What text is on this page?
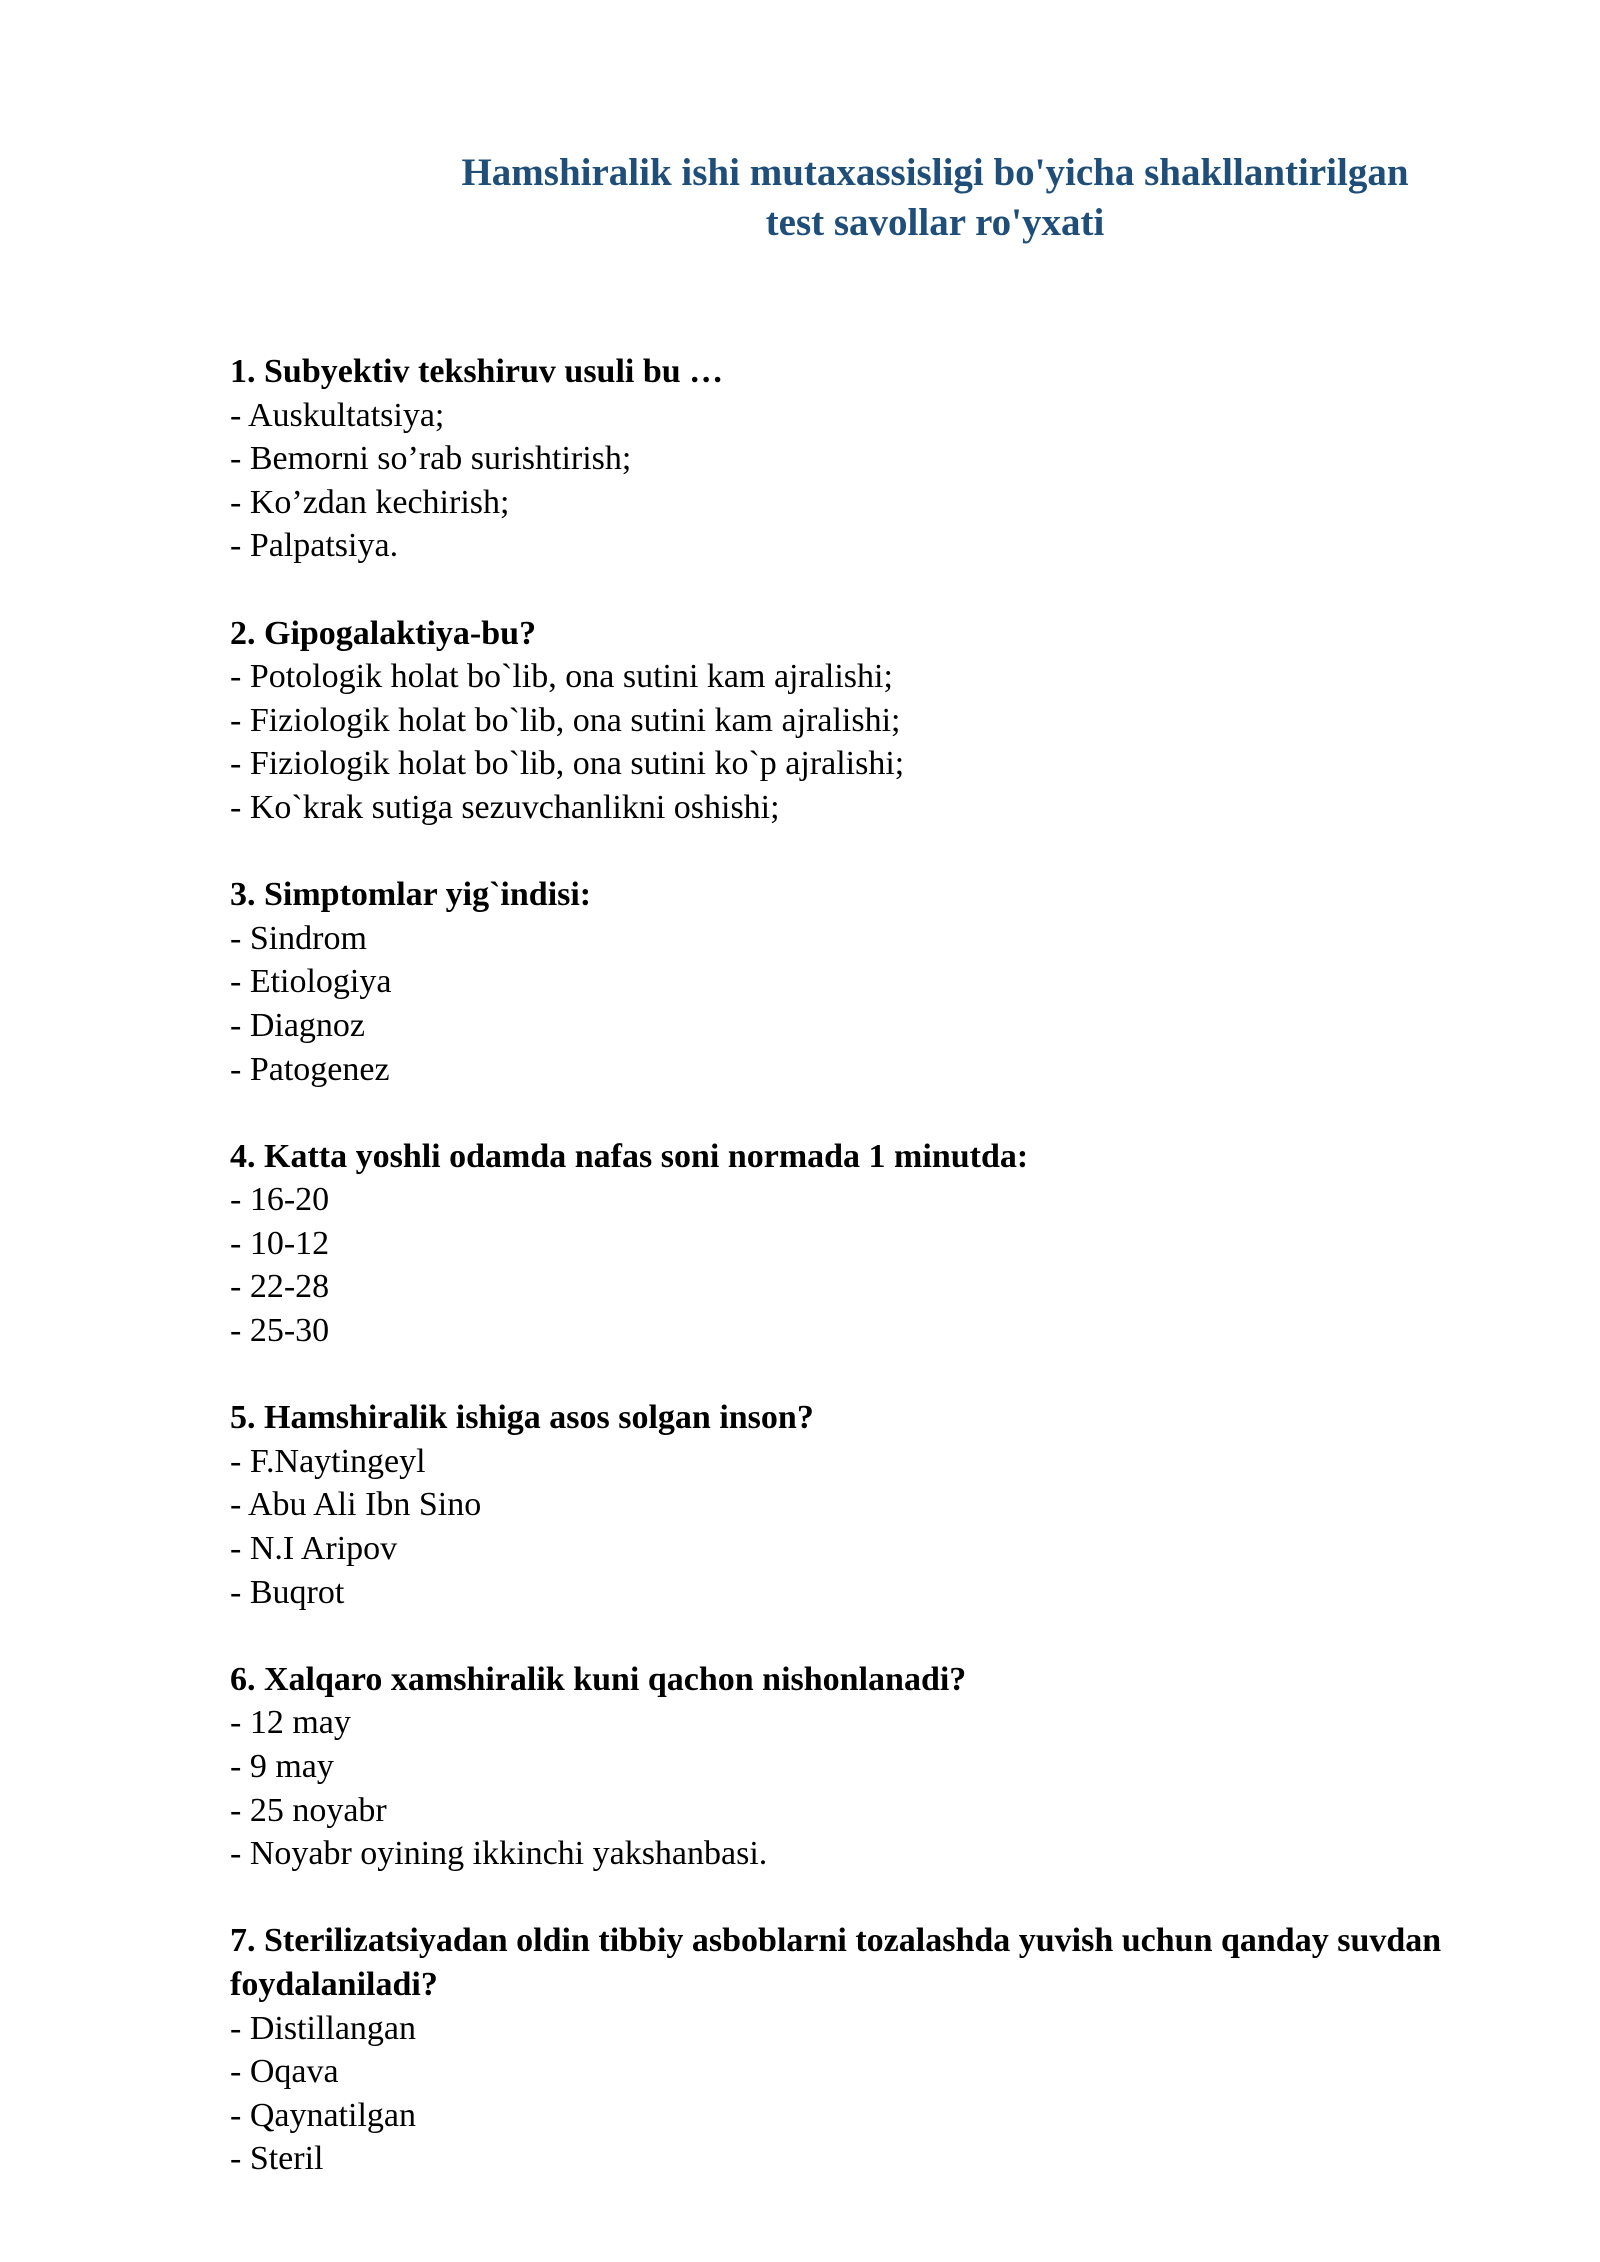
Hamshiralik ishi mutaxassisligi bo'yicha shakllantirilgan
test savollar ro'yxati
1. Subyektiv tekshiruv usuli bu …
- Auskultatsiya;
- Bemorni so’rab surishtirish;
- Ko’zdan kechirish;
- Palpatsiya.
2. Gipogalaktiya-bu?
- Potologik holat bo`lib, ona sutini kam ajralishi;
- Fiziologik holat bo`lib, ona sutini kam ajralishi;
- Fiziologik holat bo`lib, ona sutini ko`p ajralishi;
- Ko`krak sutiga sezuvchanlikni oshishi;
3. Simptomlar yig`indisi:
- Sindrom
- Etiologiya
- Diagnoz
- Patogenez
4. Katta yoshli odamda nafas soni normada 1 minutda:
- 16-20
- 10-12
- 22-28
- 25-30
5. Hamshiralik ishiga asos solgan inson?
- F.Naytingeyl
- Abu Ali Ibn Sino
- N.I Aripov
- Buqrot
6. Xalqaro xamshiralik kuni qachon nishonlanadi?
- 12 may
- 9 may
- 25 noyabr
- Noyabr oyining ikkinchi yakshanbasi.
7. Sterilizatsiyadan oldin tibbiy asboblarni tozalashda yuvish uchun qanday suvdan foydalaniladi?
- Distillangan
- Oqava
- Qaynatilgan
- Steril
